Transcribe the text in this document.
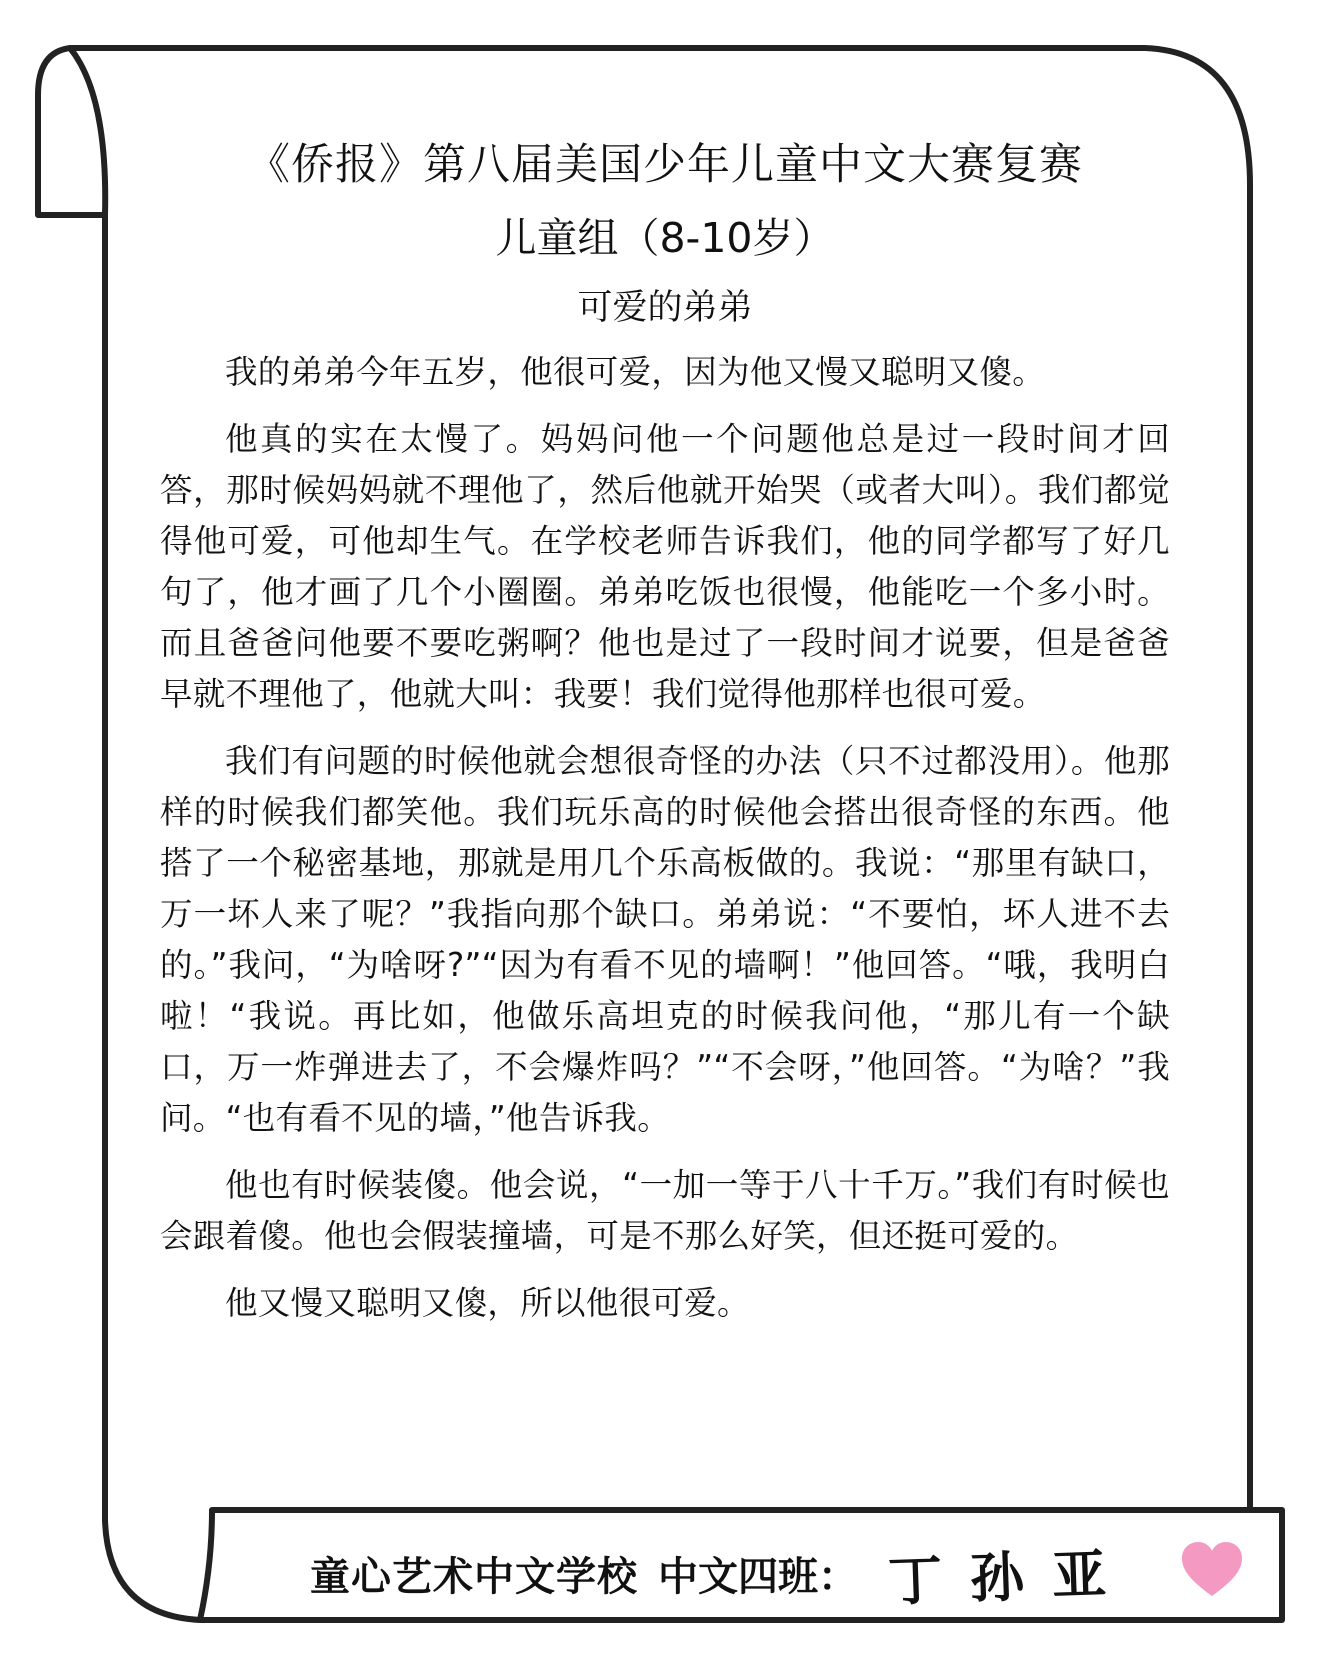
《侨报》第八届美国少年儿童中文大赛复赛
儿童组（8-10岁）
可爱的弟弟

我的弟弟今年五岁，他很可爱，因为他又慢又聪明又傻。

他真的实在太慢了。妈妈问他一个问题他总是过一段时间才回答，那时候妈妈就不理他了，然后他就开始哭（或者大叫）。我们都觉得他可爱，可他却生气。在学校老师告诉我们，他的同学都写了好几句了，他才画了几个小圈圈。弟弟吃饭也很慢，他能吃一个多小时。而且爸爸问他要不要吃粥啊？他也是过了一段时间才说要，但是爸爸早就不理他了，他就大叫：我要！我们觉得他那样也很可爱。

我们有问题的时候他就会想很奇怪的办法（只不过都没用）。他那样的时候我们都笑他。我们玩乐高的时候他会搭出很奇怪的东西。他搭了一个秘密基地，那就是用几个乐高板做的。我说：“那里有缺口，万一坏人来了呢？”我指向那个缺口。弟弟说：“不要怕，坏人进不去的。”我问，“为啥呀?”“因为有看不见的墙啊！”他回答。“哦，我明白啦！“我说。再比如，他做乐高坦克的时候我问他，“那儿有一个缺口，万一炸弹进去了，不会爆炸吗？”“不会呀，”他回答。“为啥？”我问。“也有看不见的墙，”他告诉我。

他也有时候装傻。他会说，“一加一等于八十千万。”我们有时候也会跟着傻。他也会假装撞墙，可是不那么好笑，但还挺可爱的。

他又慢又聪明又傻，所以他很可爱。

童心艺术中文学校 中文四班： 丁孙亚
